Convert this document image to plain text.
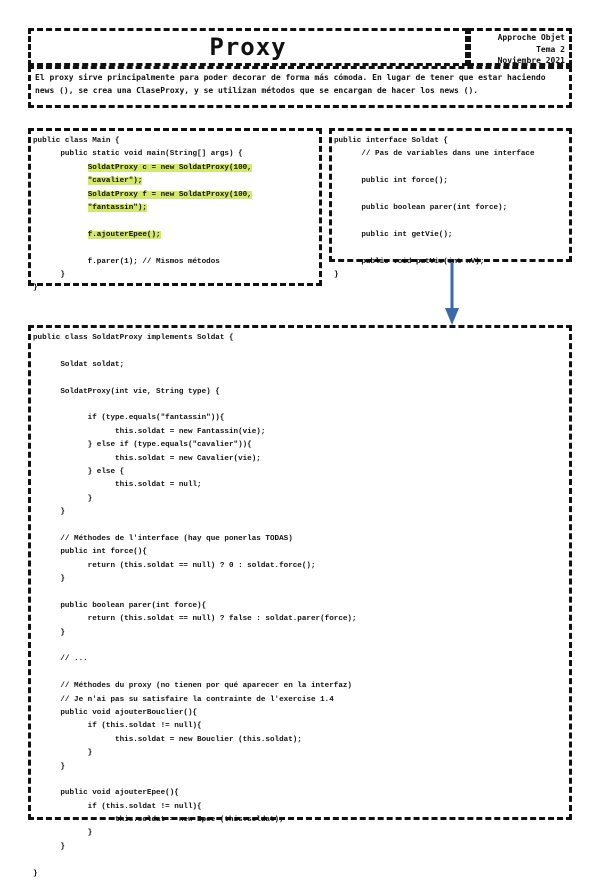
Proxy	Approche Objet
Tema 2
Noviembre 2021
El proxy sirve principalmente para poder decorar de forma más cómoda. En lugar de tener que estar haciendo news (), se crea una ClaseProxy, y se utilizan métodos que se encargan de hacer los news ().
public class Main {
public static void main(String[] args) {
SoldatProxy c = new SoldatProxy(100,
"cavalier");
SoldatProxy f = new SoldatProxy(100,
"fantassin");
f.ajouterEpee();
f.parer(1); // Mismos métodos
}
}
public interface Soldat {
// Pas de variables dans une interface
public int force();
public boolean parer(int force);
public int getVie();
public void putVie(int nV);
}
public class SoldatProxy implements Soldat {
Soldat soldat;
SoldatProxy(int vie, String type) {
if (type.equals("fantassin")){
this.soldat = new Fantassin(vie);
} else if (type.equals("cavalier")){
this.soldat = new Cavalier(vie);
} else {
this.soldat = null;
}
}
// Méthodes de l'interface (hay que ponerlas TODAS)
public int force(){
return (this.soldat == null) ? 0 : soldat.force();
}
public boolean parer(int force){
return (this.soldat == null) ? false : soldat.parer(force);
}
// ...
// Méthodes du proxy (no tienen por qué aparecer en la interfaz)
// Je n'ai pas su satisfaire la contrainte de l'exercise 1.4
public void ajouterBouclier(){
if (this.soldat != null){
this.soldat = new Bouclier (this.soldat);
}
}
public void ajouterEpee(){
if (this.soldat != null){
this.soldat = new Epee (this.soldat);
}
}
}
